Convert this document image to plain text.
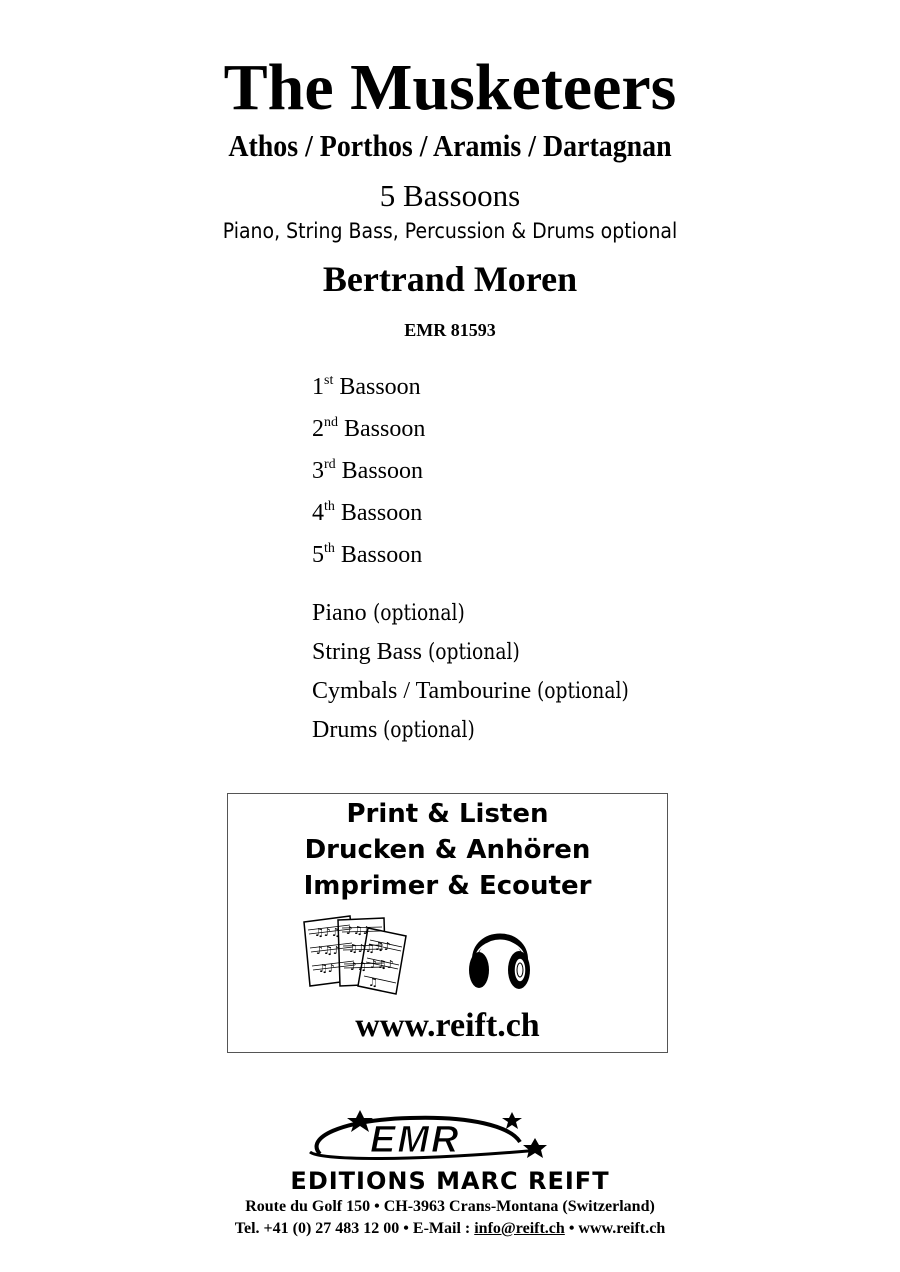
The Musketeers
Athos / Porthos / Aramis / Dartagnan
5 Bassoons
Piano, String Bass, Percussion & Drums optional
Bertrand Moren
EMR 81593
1st Bassoon
2nd Bassoon
3rd Bassoon
4th Bassoon
5th Bassoon
Piano (optional)
String Bass (optional)
Cymbals / Tambourine (optional)
Drums (optional)
Print & Listen
Drucken & Anhören
Imprimer & Ecouter
♫♪♫
♪♫♪
♫♪
♪♫♪
♫♪♫
♪♫
♫♪
♪♫♪
♫
www.reift.ch
EMR
EDITIONS MARC REIFT
Route du Golf 150 • CH-3963 Crans-Montana (Switzerland)
Tel. +41 (0) 27 483 12 00 • E-Mail : info@reift.ch • www.reift.ch
